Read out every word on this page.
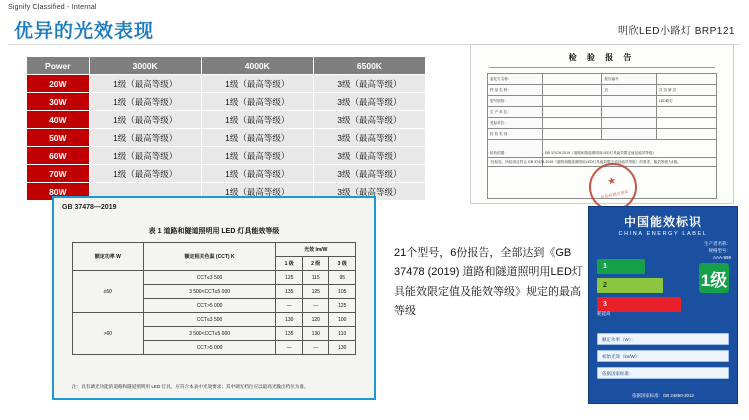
Signify Classified - Internal
优异的光效表现	明欣LED小路灯 BRP121
Power	3000K	4000K	6500K
20W	1级（最高等级）	1级（最高等级）	3级（最高等级）
30W	1级（最高等级）	1级（最高等级）	3级（最高等级）
40W	1级（最高等级）	1级（最高等级）	3级（最高等级）
50W	1级（最高等级）	1级（最高等级）	3级（最高等级）
60W	1级（最高等级）	1级（最高等级）	3级（最高等级）
70W	1级（最高等级）	1级（最高等级）	3级（最高等级）
80W		1级（最高等级）	3级（最高等级）
GB 37478—2019
表 1 道路和隧道照明用 LED 灯具能效等级
额定功率 W	额定相关色温 (CCT) K	光效 lm/W		
		1 级	2 级	3 级
≤60	CCT≤3 500	125	115	95
	3 500<CCT≤5 000	135	125	105
	CCT>5 000	—	—	125
>60	CCT≤3 500	130	120	100
	3 500<CCT≤5 000	135	130	110
	CCT>5 000	—	—	130
注：具有调光功能的道路和隧道照明用 LED 灯具，应符合本表中光效要求；其中调光档位应以最高光输出档位为准。
检 验 报 告
委托方名称：		报告编号	
样 品 名 称：		页	共 页 第 页
型号规格：			LED路灯
生 产 单 位：			
受检单位：			
检 验 类 别：			
检验依据：	GB 37478-2019《道路和隧道照明用LED灯具能效限定值及能效等级》		
经检验，所检项目符合 GB 37478-2019《道路和隧道照明用LED灯具能效限定值及能效等级》的要求，能效等级为1级。
★

检验检测专用章
21个型号，6份报告，全部达到《GB 37478 (2019) 道路和隧道照明用LED灯具能效限定值及能效等级》规定的最高等级
中国能效标识
CHINA ENERGY LABEL
生产者名称：
规格型号：
AAA-999
1
2
3
耗能高
1级
额定功率（W）：
初始光效（lm/W）：
依据国家标准：
依据国家标准：GB 24850-2013
